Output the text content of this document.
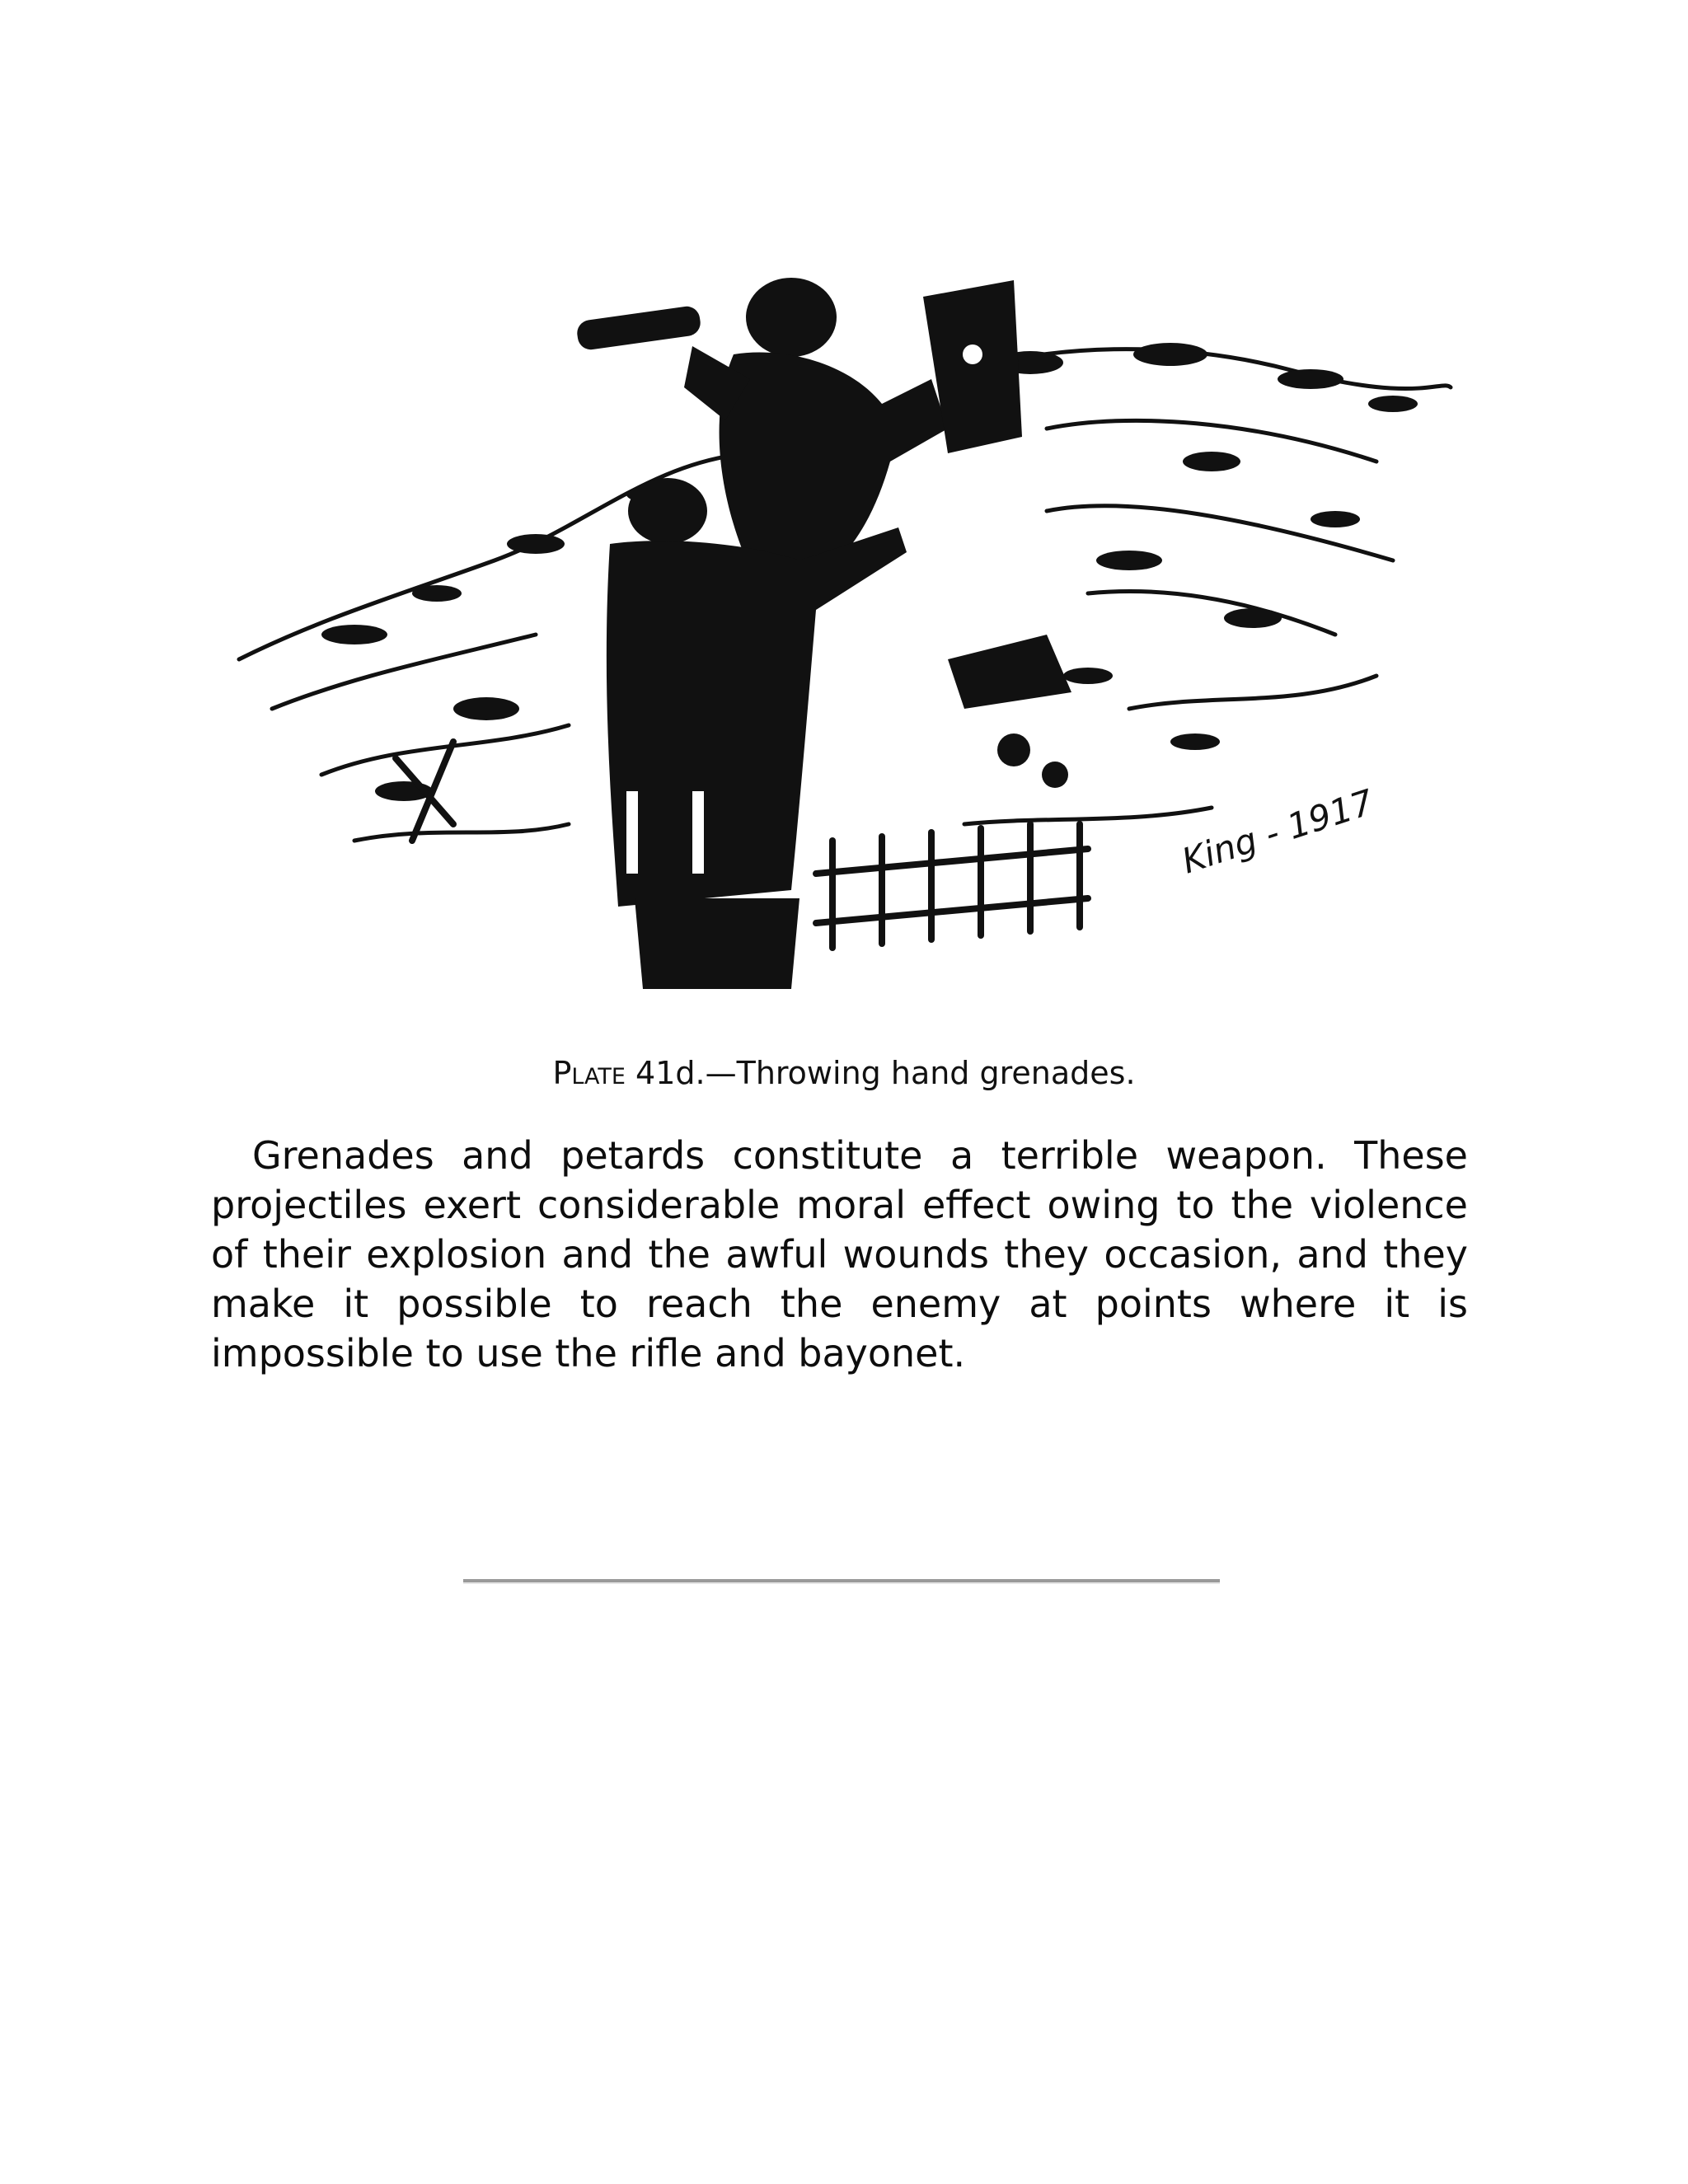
King - 1917
Plate 41d.—Throwing hand grenades.

Grenades and petards constitute a terrible weapon. These projectiles exert considerable moral effect owing to the violence of their explosion and the awful wounds they occasion, and they make it possible to reach the enemy at points where it is impossible to use the rifle and bayonet.
